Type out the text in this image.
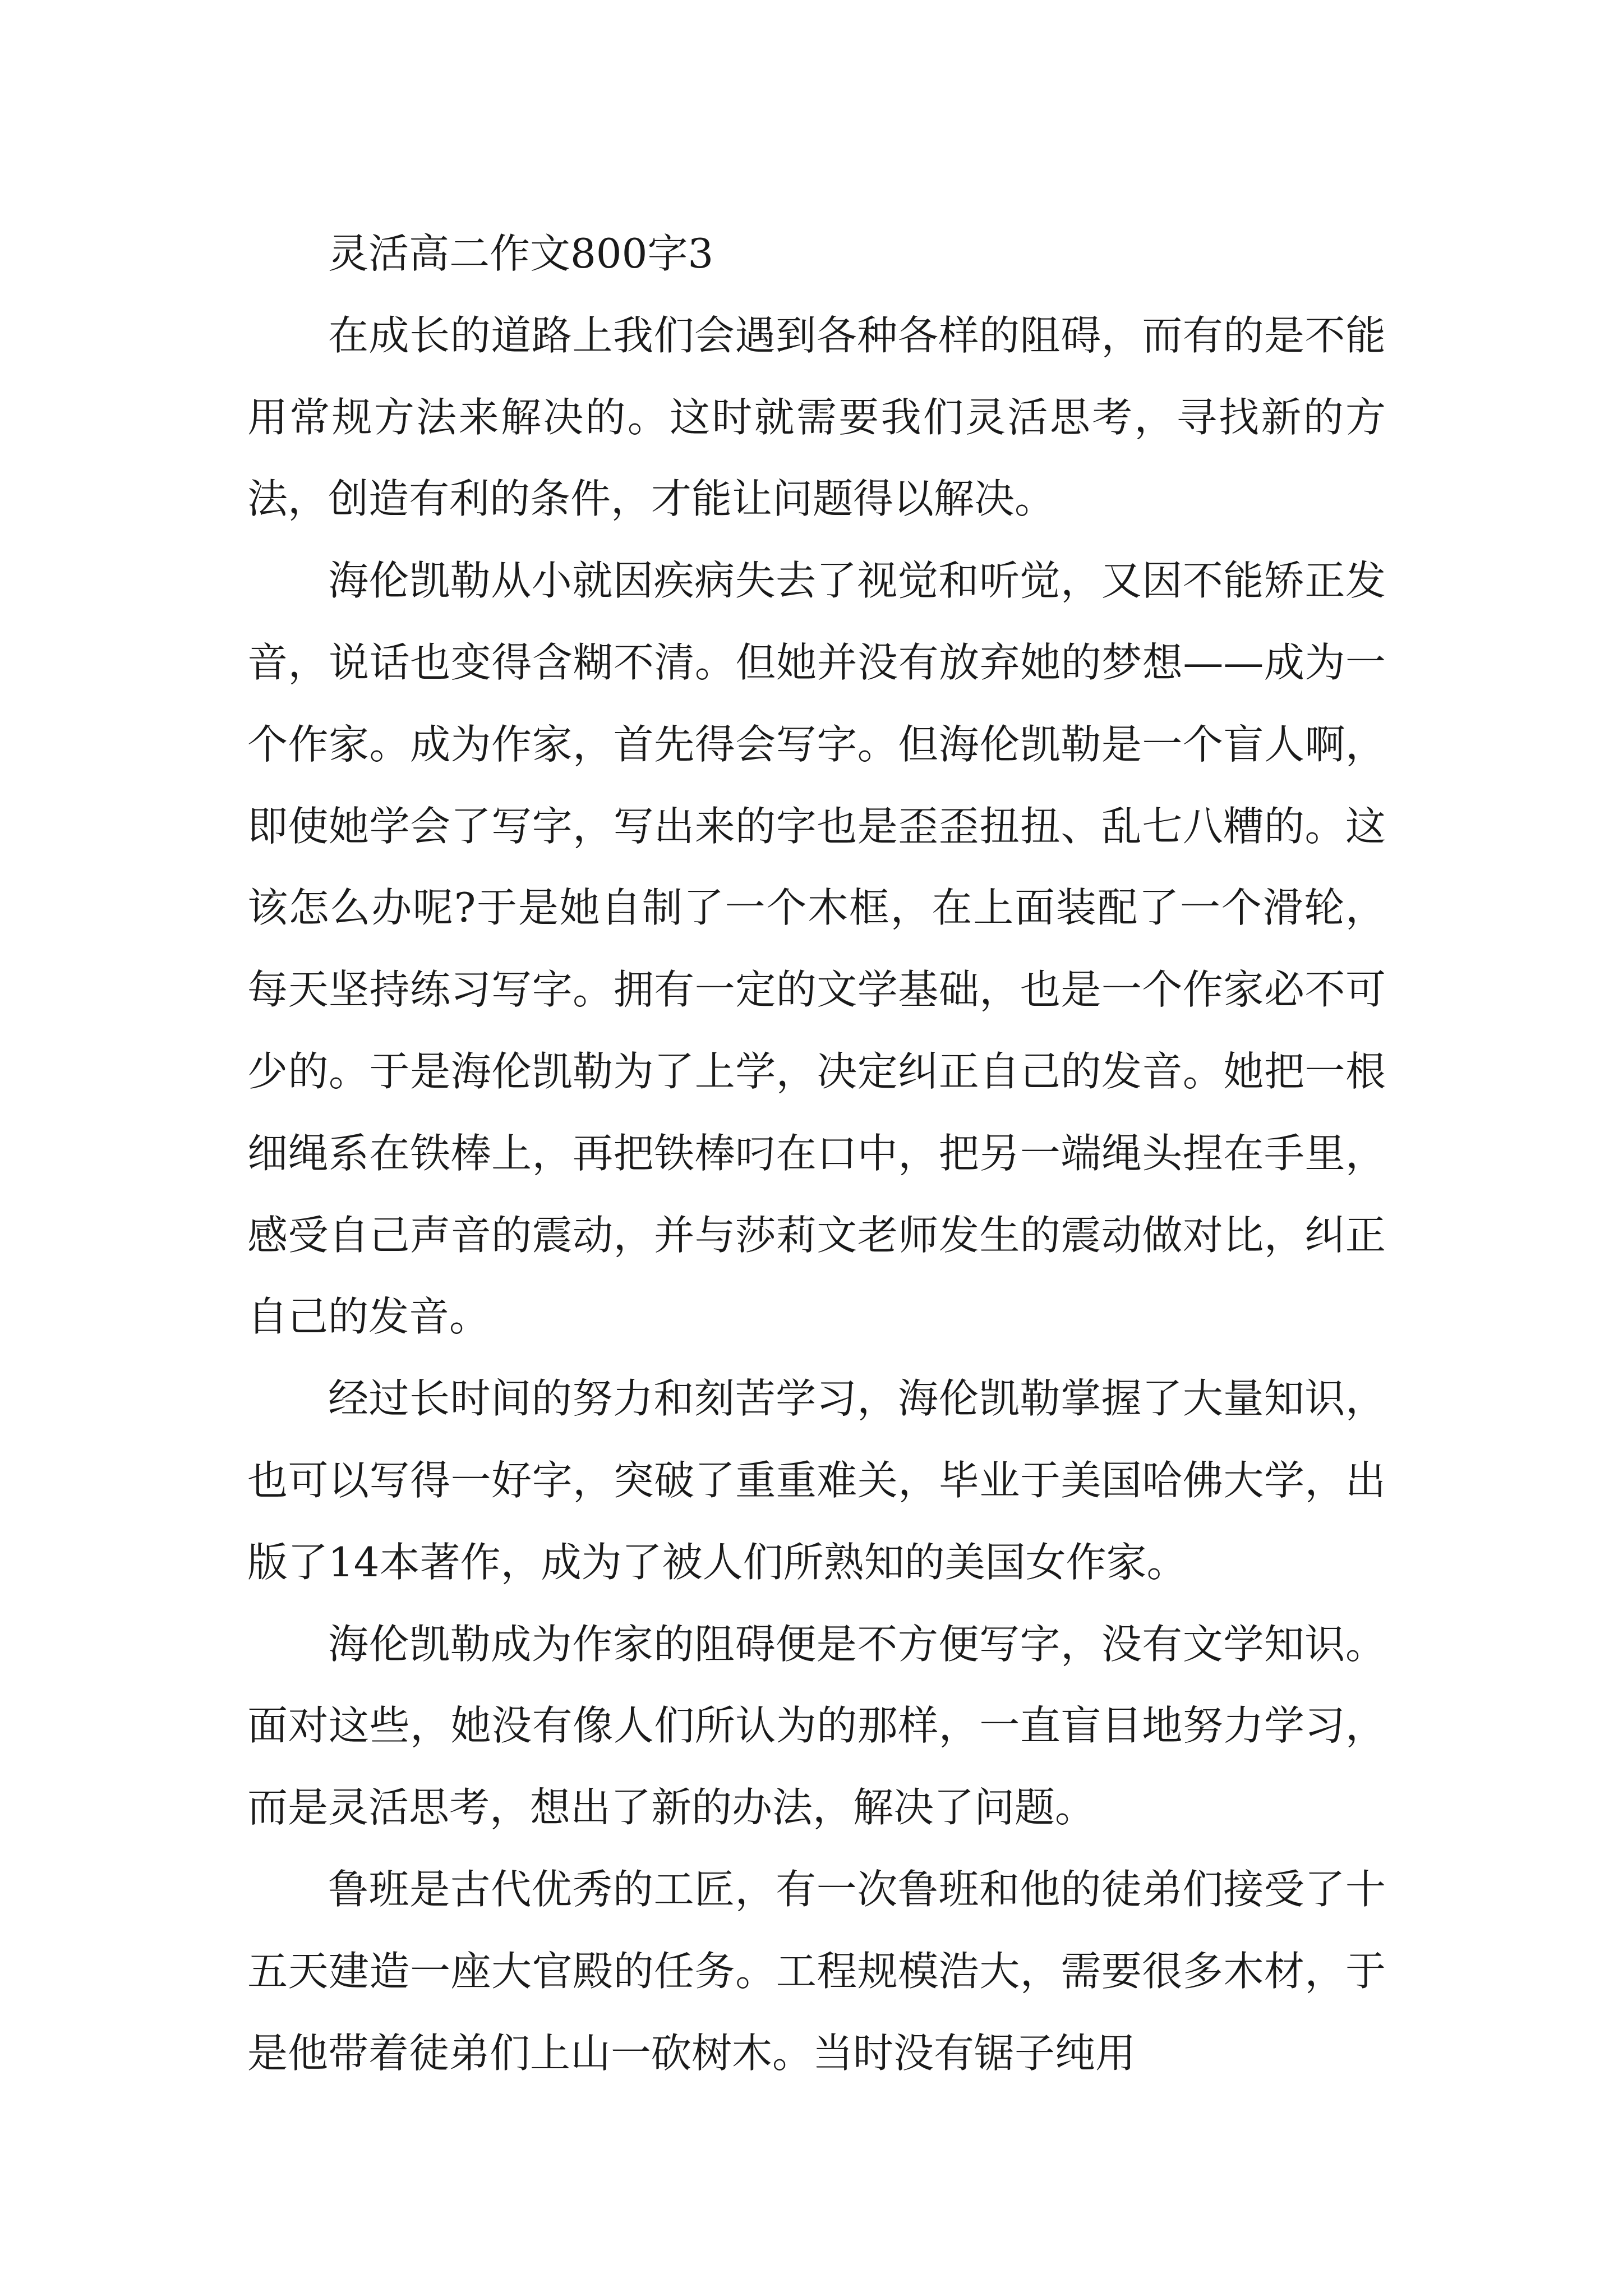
灵活高二作文800字3

在成长的道路上我们会遇到各种各样的阻碍，而有的是不能用常规方法来解决的。这时就需要我们灵活思考，寻找新的方法，创造有利的条件，才能让问题得以解决。

海伦凯勒从小就因疾病失去了视觉和听觉，又因不能矫正发音，说话也变得含糊不清。但她并没有放弃她的梦想——成为一个作家。成为作家，首先得会写字。但海伦凯勒是一个盲人啊，即使她学会了写字，写出来的字也是歪歪扭扭、乱七八糟的。这该怎么办呢?于是她自制了一个木框，在上面装配了一个滑轮，每天坚持练习写字。拥有一定的文学基础，也是一个作家必不可少的。于是海伦凯勒为了上学，决定纠正自己的发音。她把一根细绳系在铁棒上，再把铁棒叼在口中，把另一端绳头捏在手里，感受自己声音的震动，并与莎莉文老师发生的震动做对比，纠正自己的发音。

经过长时间的努力和刻苦学习，海伦凯勒掌握了大量知识，也可以写得一好字，突破了重重难关，毕业于美国哈佛大学，出版了14本著作，成为了被人们所熟知的美国女作家。

海伦凯勒成为作家的阻碍便是不方便写字，没有文学知识。面对这些，她没有像人们所认为的那样，一直盲目地努力学习，而是灵活思考，想出了新的办法，解决了问题。

鲁班是古代优秀的工匠，有一次鲁班和他的徒弟们接受了十五天建造一座大官殿的任务。工程规模浩大，需要很多木材，于是他带着徒弟们上山一砍树木。当时没有锯子纯用
